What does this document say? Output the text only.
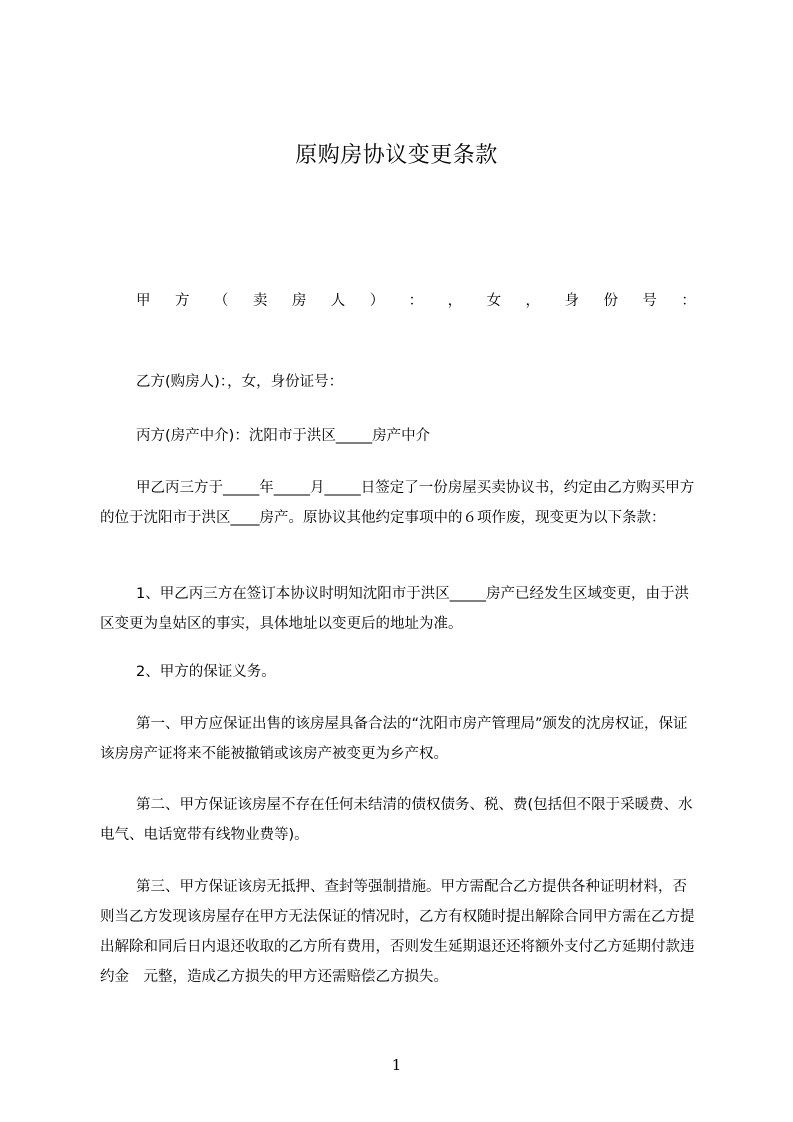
原购房协议变更条款
甲 方 （ 卖 房 人 ） ： ， 女 ， 身 份 号 ：

乙方(购房人)：，女，身份证号：

丙方(房产中介)：沈阳市于洪区_____房产中介

甲乙丙三方于_____年_____月_____日签定了一份房屋买卖协议书，约定由乙方购买甲方的位于沈阳市于洪区____房产。原协议其他约定事项中的６项作废，现变更为以下条款：

1、甲乙丙三方在签订本协议时明知沈阳市于洪区_____房产已经发生区域变更，由于洪区变更为皇姑区的事实，具体地址以变更后的地址为准。

2、甲方的保证义务。

第一、甲方应保证出售的该房屋具备合法的“沈阳市房产管理局”颁发的沈房权证，保证该房房产证将来不能被撤销或该房产被变更为乡产权。

第二、甲方保证该房屋不存在任何未结清的债权债务、税、费(包括但不限于采暖费、水电气、电话宽带有线物业费等)。

第三、甲方保证该房无抵押、查封等强制措施。甲方需配合乙方提供各种证明材料，否则当乙方发现该房屋存在甲方无法保证的情况时，乙方有权随时提出解除合同甲方需在乙方提出解除和同后日内退还收取的乙方所有费用，否则发生延期退还还将额外支付乙方延期付款违约金　元整，造成乙方损失的甲方还需赔偿乙方损失。

1
